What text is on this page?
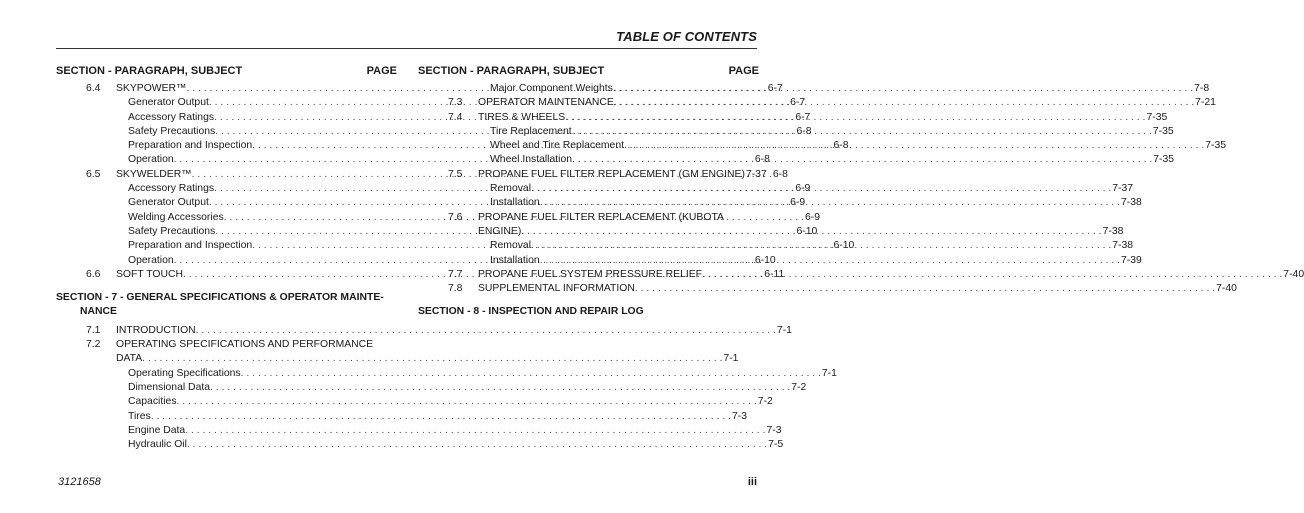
TABLE OF CONTENTS
SECTION - PARAGRAPH, SUBJECT	PAGE
6.4 SKYPOWER™ . . .	6-7
Generator Output . . .	6-7
Accessory Ratings . . .	6-7
Safety Precautions . . .	6-8
Preparation and Inspection . . .	6-8
Operation . . .	6-8
6.5 SKYWELDER™ . . .	6-8
Accessory Ratings . . .	6-9
Generator Output . . .	6-9
Welding Accessories . . .	6-9
Safety Precautions . . .	6-10
Preparation and Inspection . . .	6-10
Operation . . .	6-10
6.6 SOFT TOUCH . . .	6-11
SECTION - 7 - GENERAL SPECIFICATIONS & OPERATOR MAINTE-
NANCE
7.1 INTRODUCTION . . .	7-1
7.2 OPERATING SPECIFICATIONS AND PERFORMANCE
DATA . . .	7-1
Operating Specifications . . .	7-1
Dimensional Data . . .	7-2
Capacities . . .	7-2
Tires . . .	7-3
Engine Data . . .	7-3
Hydraulic Oil . . .	7-5
SECTION - PARAGRAPH, SUBJECT	PAGE
Major Component Weights . . .	7-8
7.3 OPERATOR MAINTENANCE . . .	7-21
7.4 TIRES & WHEELS . . .	7-35
Tire Replacement . . .	7-35
Wheel and Tire Replacement . . .	7-35
Wheel Installation . . .	7-35
7.5 PROPANE FUEL FILTER REPLACEMENT (GM ENGINE) 7-37
Removal . . .	7-37
Installation . . .	7-38
7.6 PROPANE FUEL FILTER REPLACEMENT (KUBOTA
ENGINE) . . .	7-38
Removal . . .	7-38
Installation . . .	7-39
7.7 PROPANE FUEL SYSTEM PRESSURE RELIEF . . .	7-40
7.8 SUPPLEMENTAL INFORMATION . . .	7-40
SECTION - 8 - INSPECTION AND REPAIR LOG
3121658	iii
